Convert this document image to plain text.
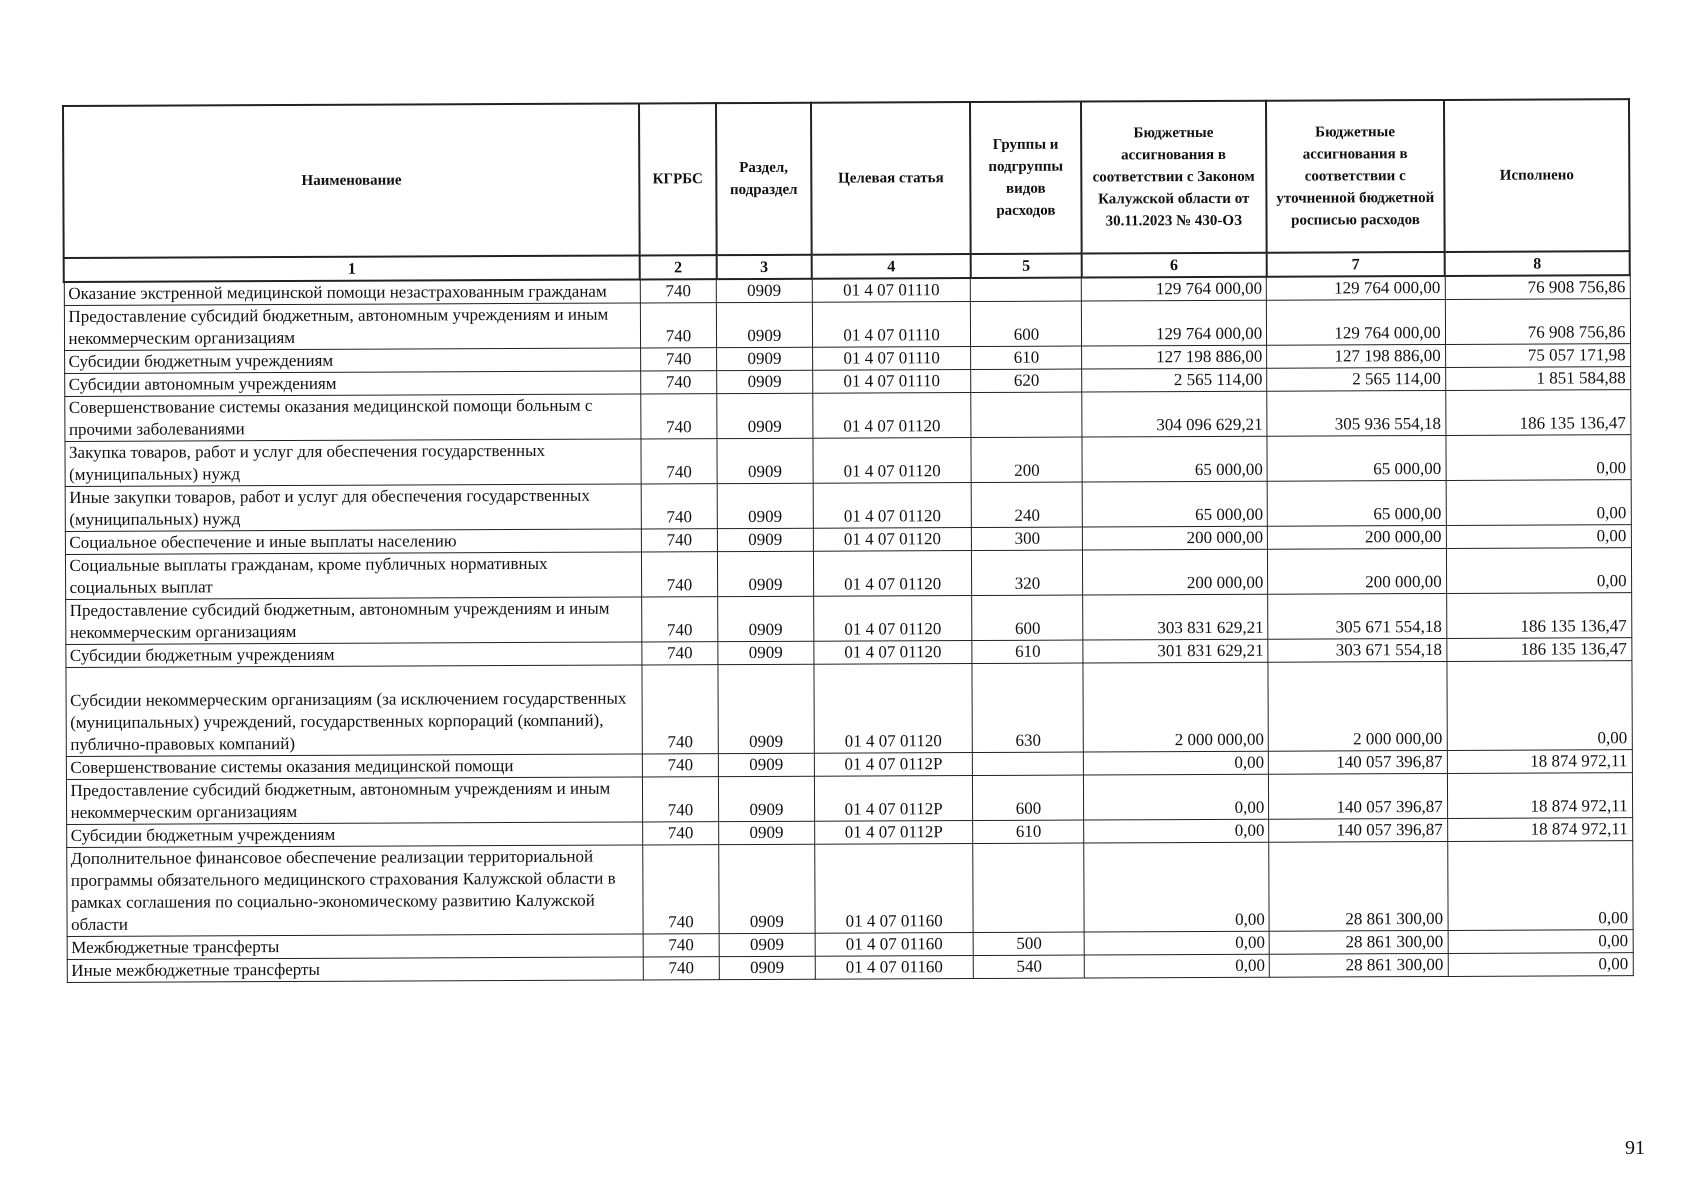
Наименование	КГРБС	Раздел, подраздел	Целевая статья	Группы и подгруппы видов расходов	Бюджетные ассигнования в соответствии с Законом Калужской области от 30.11.2023 № 430-ОЗ	Бюджетные ассигнования в соответствии с уточненной бюджетной росписью расходов	Исполнено
1	2	3	4	5	6	7	8
Оказание экстренной медицинской помощи незастрахованным гражданам	740	0909	01 4 07 01110		129 764 000,00	129 764 000,00	76 908 756,86
Предоставление субсидий бюджетным, автономным учреждениям и иным некоммерческим организациям	740	0909	01 4 07 01110	600	129 764 000,00	129 764 000,00	76 908 756,86
Субсидии бюджетным учреждениям	740	0909	01 4 07 01110	610	127 198 886,00	127 198 886,00	75 057 171,98
Субсидии автономным учреждениям	740	0909	01 4 07 01110	620	2 565 114,00	2 565 114,00	1 851 584,88
Совершенствование системы оказания медицинской помощи больным с прочими заболеваниями	740	0909	01 4 07 01120		304 096 629,21	305 936 554,18	186 135 136,47
Закупка товаров, работ и услуг для обеспечения государственных (муниципальных) нужд	740	0909	01 4 07 01120	200	65 000,00	65 000,00	0,00
Иные закупки товаров, работ и услуг для обеспечения государственных (муниципальных) нужд	740	0909	01 4 07 01120	240	65 000,00	65 000,00	0,00
Социальное обеспечение и иные выплаты населению	740	0909	01 4 07 01120	300	200 000,00	200 000,00	0,00
Социальные выплаты гражданам, кроме публичных нормативных социальных выплат	740	0909	01 4 07 01120	320	200 000,00	200 000,00	0,00
Предоставление субсидий бюджетным, автономным учреждениям и иным некоммерческим организациям	740	0909	01 4 07 01120	600	303 831 629,21	305 671 554,18	186 135 136,47
Субсидии бюджетным учреждениям	740	0909	01 4 07 01120	610	301 831 629,21	303 671 554,18	186 135 136,47
Субсидии некоммерческим организациям (за исключением государственных (муниципальных) учреждений, государственных корпораций (компаний), публично-правовых компаний)	740	0909	01 4 07 01120	630	2 000 000,00	2 000 000,00	0,00
Совершенствование системы оказания медицинской помощи	740	0909	01 4 07 0112Р		0,00	140 057 396,87	18 874 972,11
Предоставление субсидий бюджетным, автономным учреждениям и иным некоммерческим организациям	740	0909	01 4 07 0112Р	600	0,00	140 057 396,87	18 874 972,11
Субсидии бюджетным учреждениям	740	0909	01 4 07 0112Р	610	0,00	140 057 396,87	18 874 972,11
Дополнительное финансовое обеспечение реализации территориальной программы обязательного медицинского страхования Калужской области в рамках соглашения по социально-экономическому развитию Калужской области	740	0909	01 4 07 01160		0,00	28 861 300,00	0,00
Межбюджетные трансферты	740	0909	01 4 07 01160	500	0,00	28 861 300,00	0,00
Иные межбюджетные трансферты	740	0909	01 4 07 01160	540	0,00	28 861 300,00	0,00
91
